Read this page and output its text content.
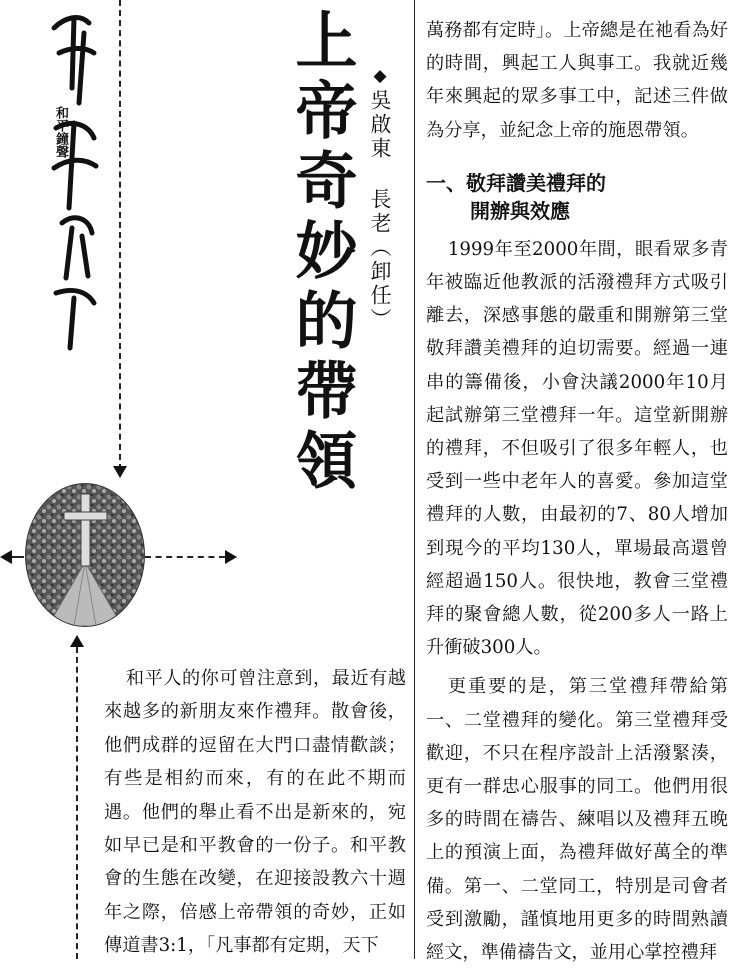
和平鐘聲	上帝奇妙的帶領 ◆吳啟東 長老（卸任）
和平人的你可曾注意到，最近有越來越多的新朋友來作禮拜。散會後，他們成群的逗留在大門口盡情歡談；有些是相約而來，有的在此不期而遇。他們的舉止看不出是新來的，宛如早已是和平教會的一份子。和平教會的生態在改變，在迎接設教六十週年之際，倍感上帝帶領的奇妙，正如傳道書3:1，「凡事都有定期，天下

萬務都有定時」。上帝總是在祂看為好的時間，興起工人與事工。我就近幾年來興起的眾多事工中，記述三件做為分享，並紀念上帝的施恩帶領。

一、敬拜讚美禮拜的
開辦與效應

1999年至2000年間，眼看眾多青年被臨近他教派的活潑禮拜方式吸引離去，深感事態的嚴重和開辦第三堂敬拜讚美禮拜的迫切需要。經過一連串的籌備後，小會決議2000年10月起試辦第三堂禮拜一年。這堂新開辦的禮拜，不但吸引了很多年輕人，也受到一些中老年人的喜愛。參加這堂禮拜的人數，由最初的7、80人增加到現今的平均130人，單場最高還曾經超過150人。很快地，教會三堂禮拜的聚會總人數，從200多人一路上升衝破300人。

更重要的是，第三堂禮拜帶給第一、二堂禮拜的變化。第三堂禮拜受歡迎，不只在程序設計上活潑緊湊，更有一群忠心服事的同工。他們用很多的時間在禱告、練唱以及禮拜五晚上的預演上面，為禮拜做好萬全的準備。第一、二堂同工，特別是司會者受到激勵，謹慎地用更多的時間熟讀經文，準備禱告文，並用心掌控禮拜
